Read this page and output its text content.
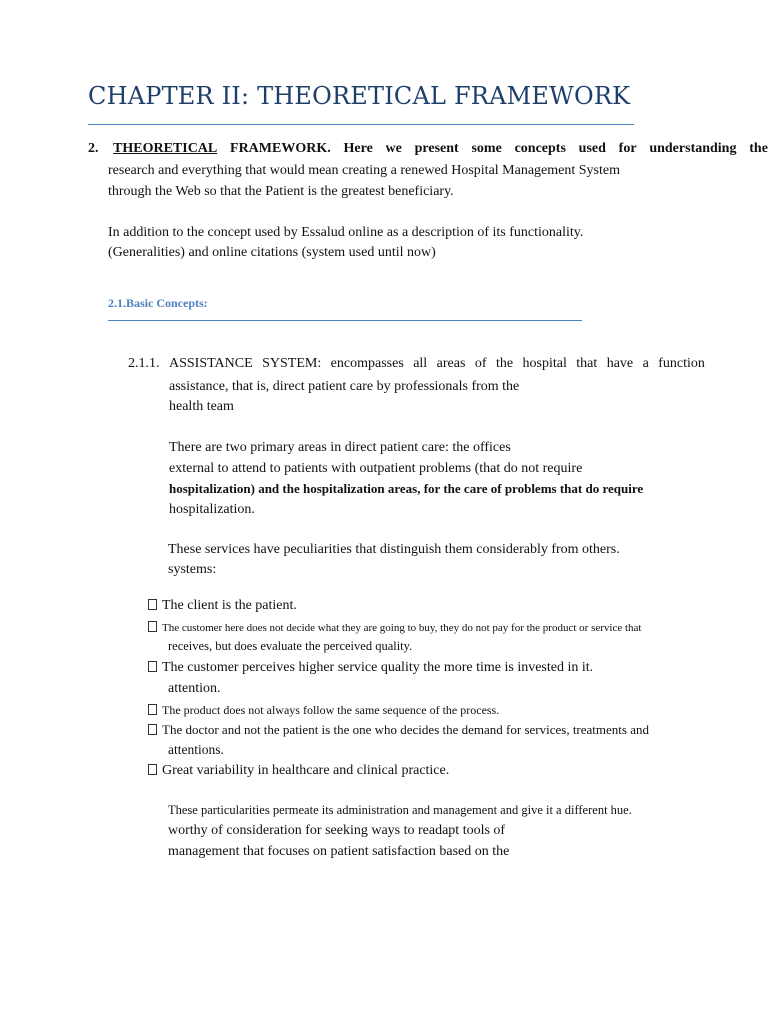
CHAPTER II: THEORETICAL FRAMEWORK
2. THEORETICAL FRAMEWORK. Here we present some concepts used for understanding the
research and everything that would mean creating a renewed Hospital Management System
through the Web so that the Patient is the greatest beneficiary.
In addition to the concept used by Essalud online as a description of its functionality.
(Generalities) and online citations (system used until now)
2.1.Basic Concepts:
2.1.1. ASSISTANCE SYSTEM: encompasses all areas of the hospital that have a function
assistance, that is, direct patient care by professionals from the
health team
There are two primary areas in direct patient care: the offices
external to attend to patients with outpatient problems (that do not require
hospitalization) and the hospitalization areas, for the care of problems that do require
hospitalization.
These services have peculiarities that distinguish them considerably from others.
systems:
The client is the patient.
The customer here does not decide what they are going to buy, they do not pay for the product or service that
receives, but does evaluate the perceived quality.
The customer perceives higher service quality the more time is invested in it.
attention.
The product does not always follow the same sequence of the process.
The doctor and not the patient is the one who decides the demand for services, treatments and
attentions.
Great variability in healthcare and clinical practice.
These particularities permeate its administration and management and give it a different hue.
worthy of consideration for seeking ways to readapt tools of
management that focuses on patient satisfaction based on the
